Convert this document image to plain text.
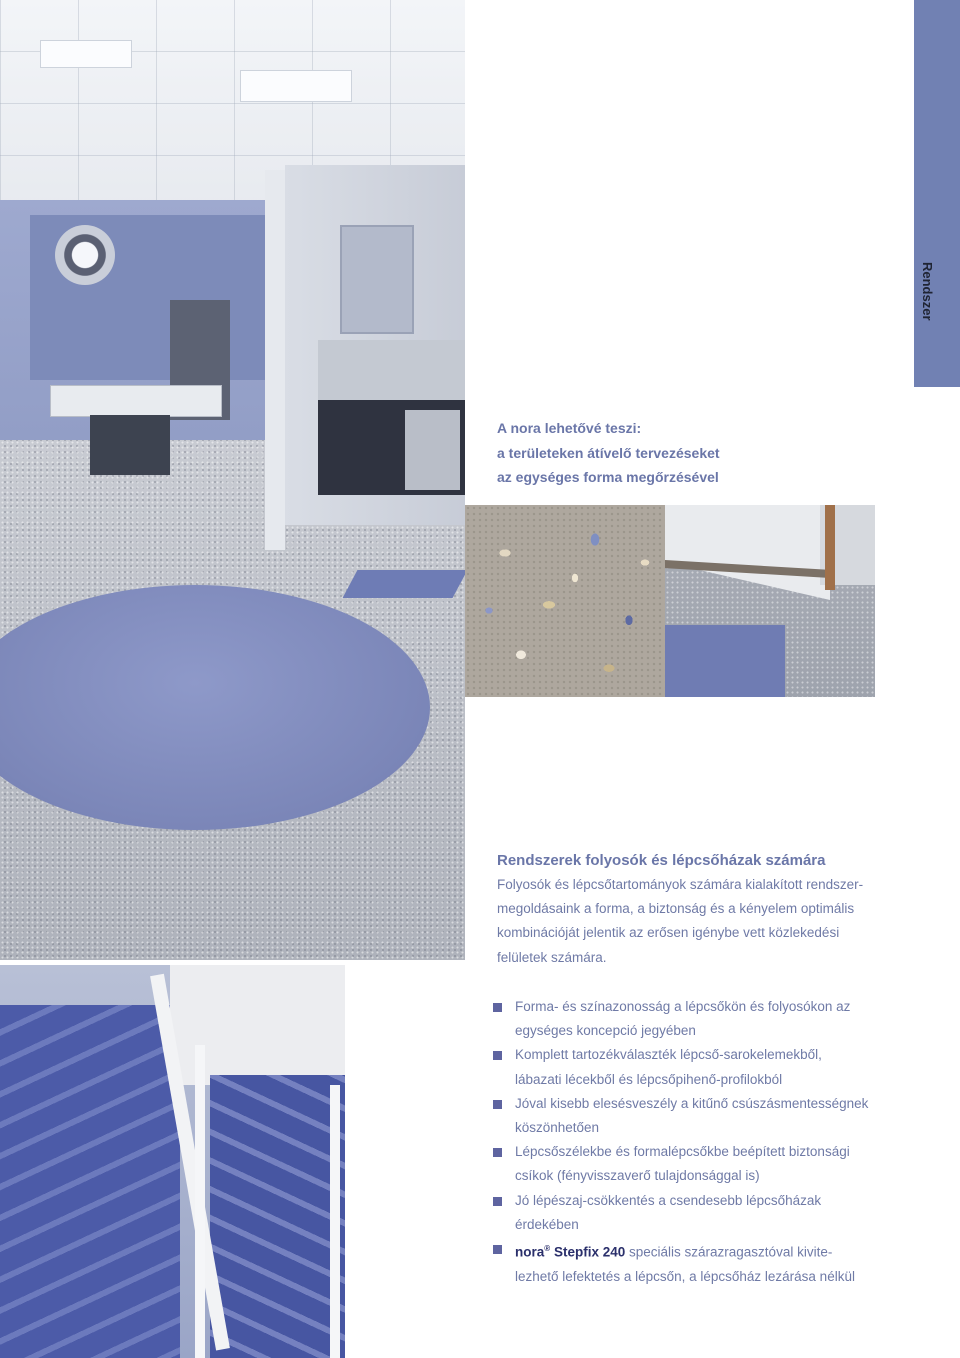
Rendszer
A nora lehetővé teszi:
a területeken átívelő tervezéseket
az egységes forma megőrzésével
Rendszerek folyosók és lépcsőházak számára
Folyosók és lépcsőtartományok számára kialakított rendszer-
megoldásaink a forma, a biztonság és a kényelem optimális
kombinációját jelentik az erősen igénybe vett közlekedési
felületek számára.
Forma- és színazonosság a lépcsőkön és folyosókon az
egységes koncepció jegyében
Komplett tartozékválaszték lépcső-sarokelemekből,
lábazati lécekből és lépcsőpihenő-profilokból
Jóval kisebb elesésveszély a kitűnő csúszásmentességnek
köszönhetően
Lépcsőszélekbe és formalépcsőkbe beépített biztonsági
csíkok (fényvisszaverő tulajdonsággal is)
Jó lépészaj-csökkentés a csendesebb lépcsőházak
érdekében
nora® Stepfix 240 speciális szárazragasztóval kivite-
lezhető lefektetés a lépcsőn, a lépcsőház lezárása nélkül
